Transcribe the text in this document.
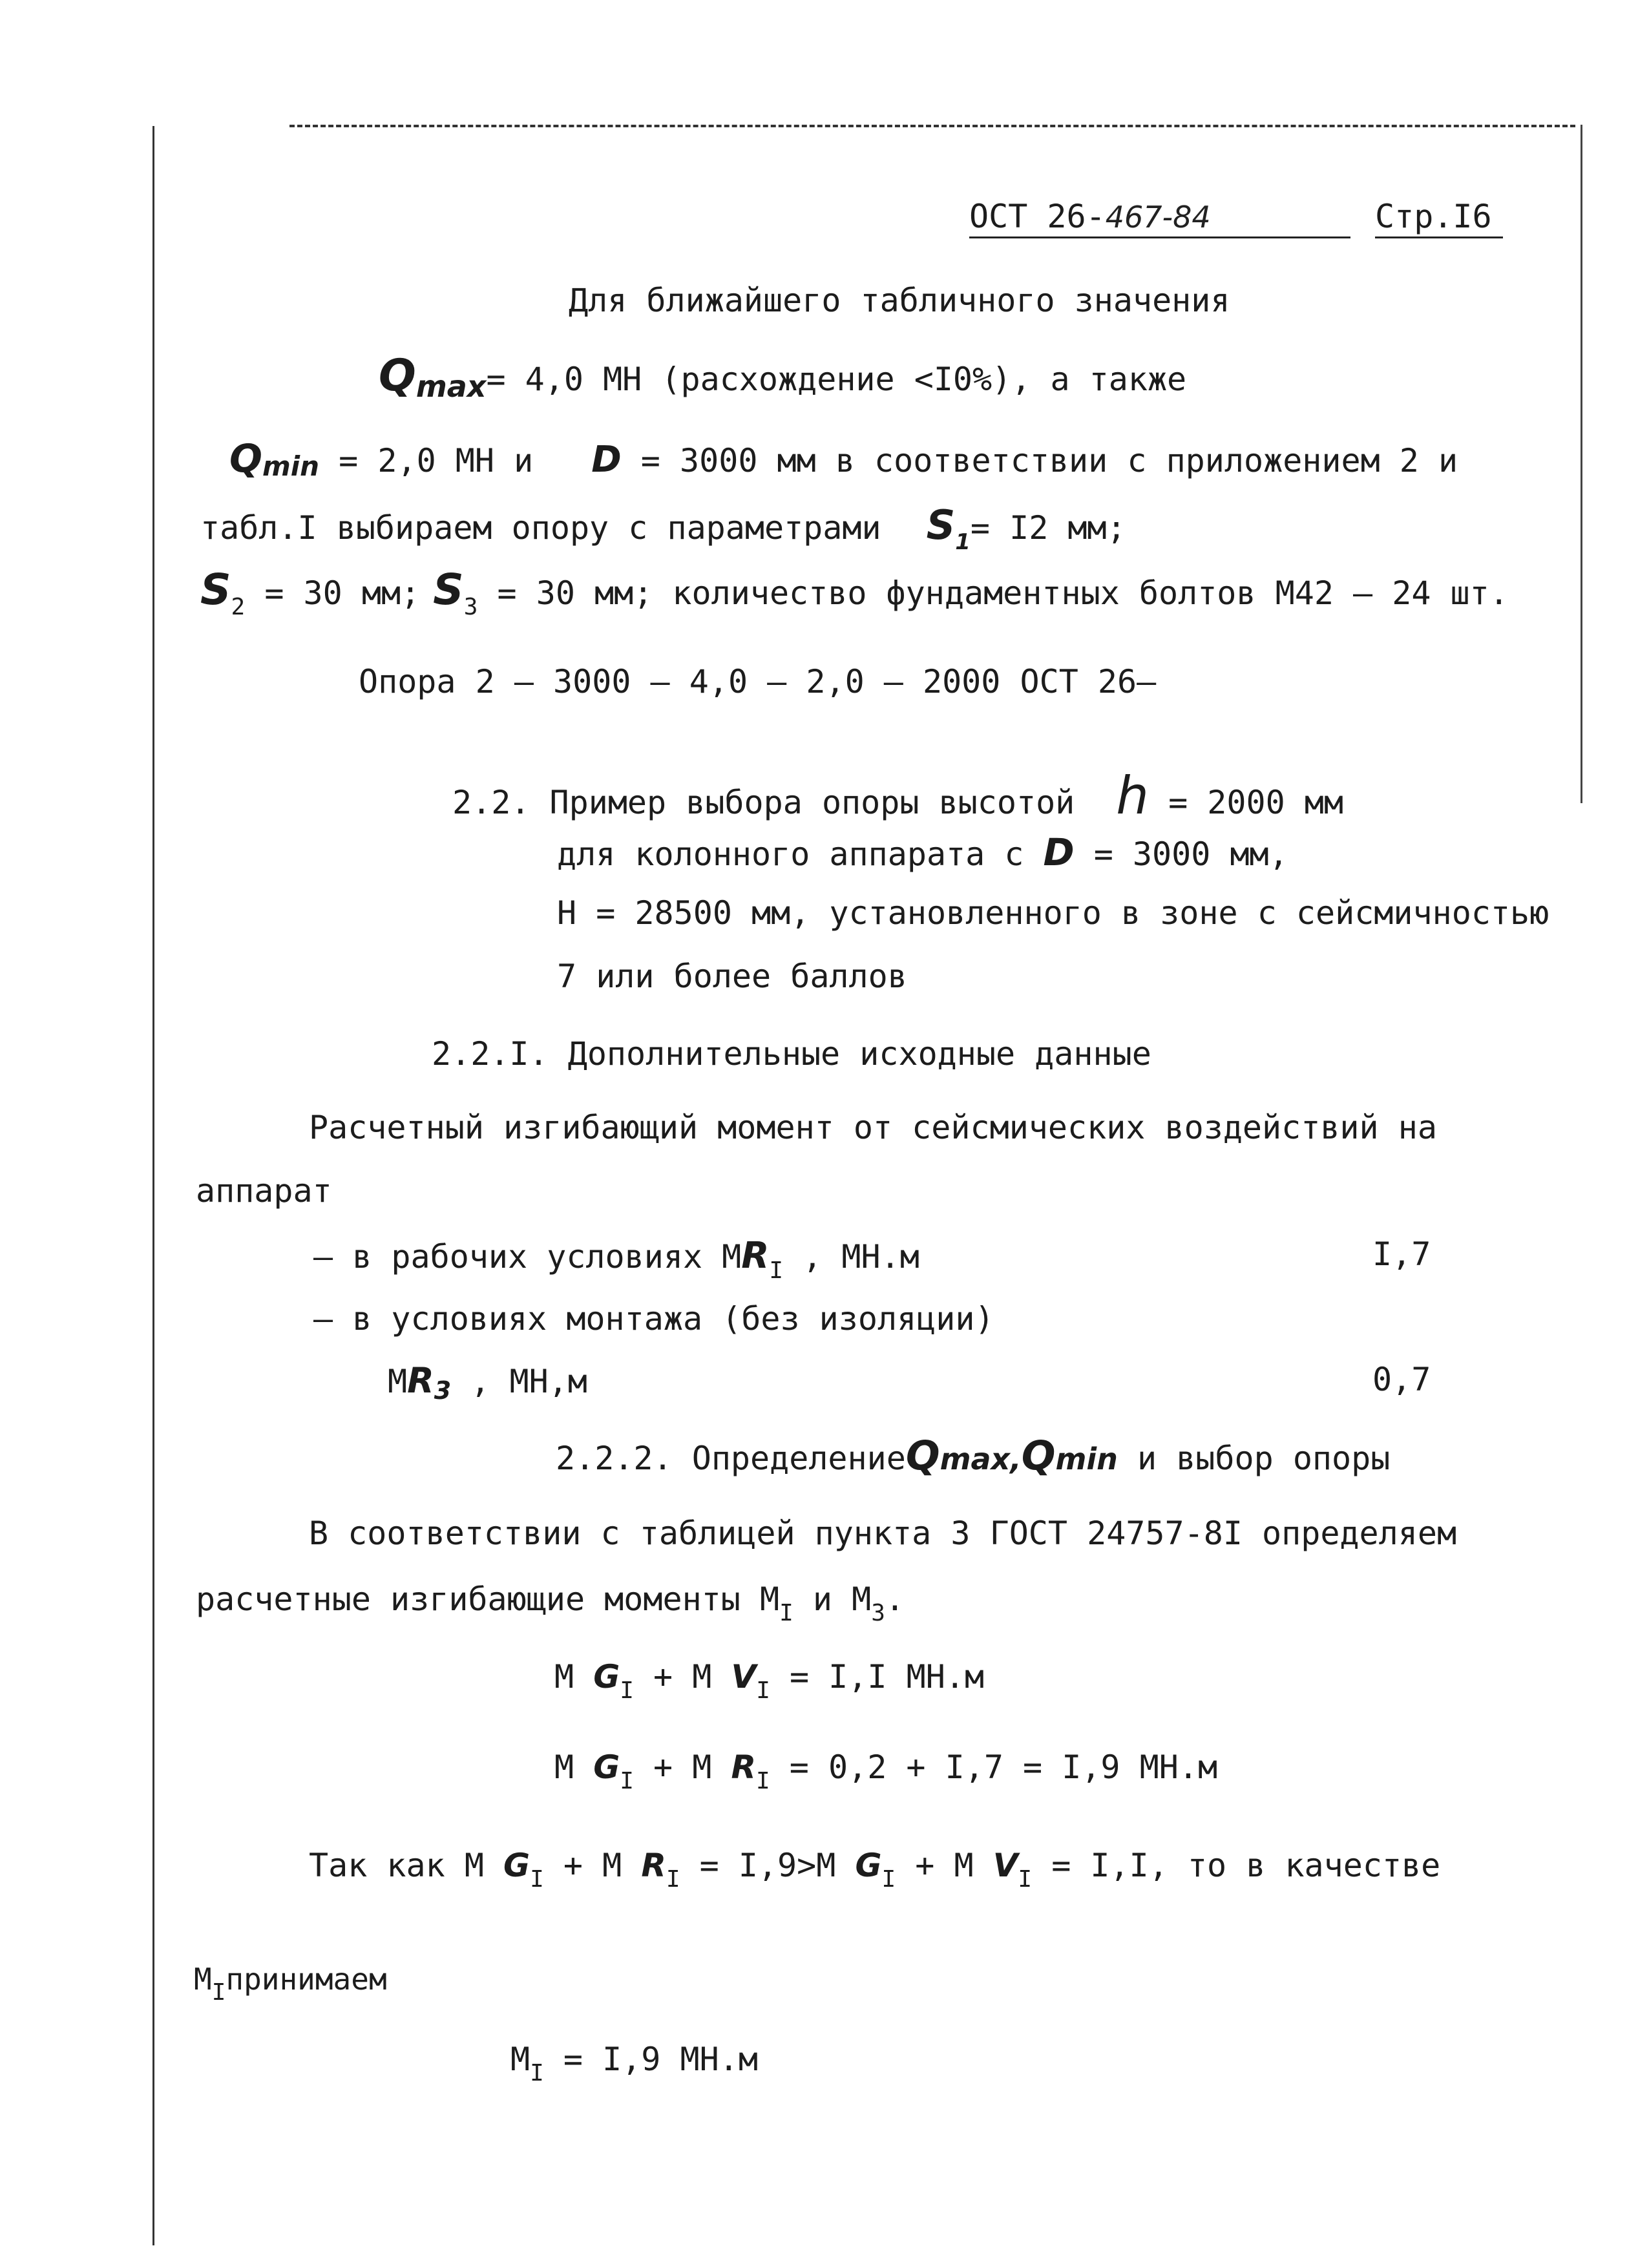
ОСТ 26-467-84	Стр.I6
Для ближайшего табличного значения
Qmax= 4,0 МН (расхождение <I0%), а также
Qmin = 2,0 МН и D = 3000 мм в соответствии с приложением 2 и
табл.I выбираем опору с параметрами $S_1= I2$ мм;
$S_2 = 30$ мм; $S_3 = 30$ мм; количество фундаментных болтов М42 – 24 шт.
Опора 2 – 3000 – 4,0 – 2,0 – 2000 ОСТ 26–
2.2. Пример выбора опоры высотой h = 2000 мм
для колонного аппарата с D = 3000 мм,
Н = 28500 мм, установленного в зоне с сейсмичностью
7 или более баллов
2.2.I. Дополнительные исходные данные
Расчетный изгибающий момент от сейсмических воздействий на
аппарат
– в рабочих условиях $МR_I$ , МН.м	I,7
– в условиях монтажа (без изоляции)
$МR_3$ , МН,м	0,7
2.2.2. ОпределениеQmax,Qmin и выбор опоры
В соответствии с таблицей пункта 3 ГОСТ 24757-8I определяем
расчетные изгибающие моменты $М_I$ и $М_3$.
М $G_I + М$ $V_I = I,I$ МН.м
М $G_I + М$ $R_I = 0,2 + I,7 = I,9$ МН.м
Так как М $G_I + М$ $R_I = I,9>М$ $G_I + М$ $V_I = I,I$, то в качестве
$М_Iпринимаем$
$М_I = I,9$ МН.м
